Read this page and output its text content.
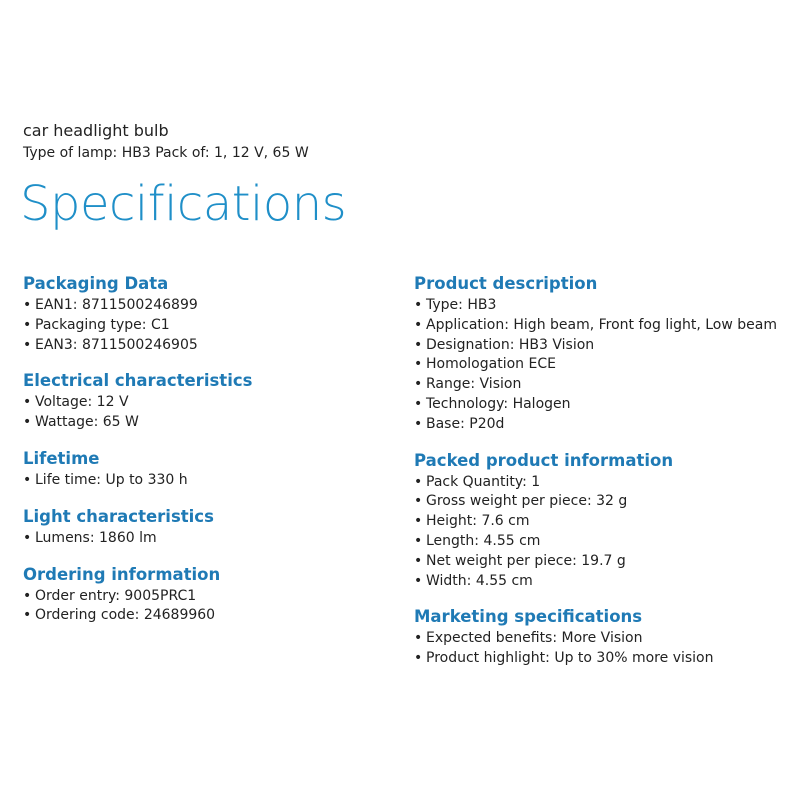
car headlight bulb
Type of lamp: HB3 Pack of: 1, 12 V, 65 W
Specifications
Packaging Data
• EAN1: 8711500246899
• Packaging type: C1
• EAN3: 8711500246905
Electrical characteristics
• Voltage: 12 V
• Wattage: 65 W
Lifetime
• Life time: Up to 330 h
Light characteristics
• Lumens: 1860 lm
Ordering information
• Order entry: 9005PRC1
• Ordering code: 24689960
Product description
• Type: HB3
• Application: High beam, Front fog light, Low beam
• Designation: HB3 Vision
• Homologation ECE
• Range: Vision
• Technology: Halogen
• Base: P20d
Packed product information
• Pack Quantity: 1
• Gross weight per piece: 32 g
• Height: 7.6 cm
• Length: 4.55 cm
• Net weight per piece: 19.7 g
• Width: 4.55 cm
Marketing specifications
• Expected benefits: More Vision
• Product highlight: Up to 30% more vision
